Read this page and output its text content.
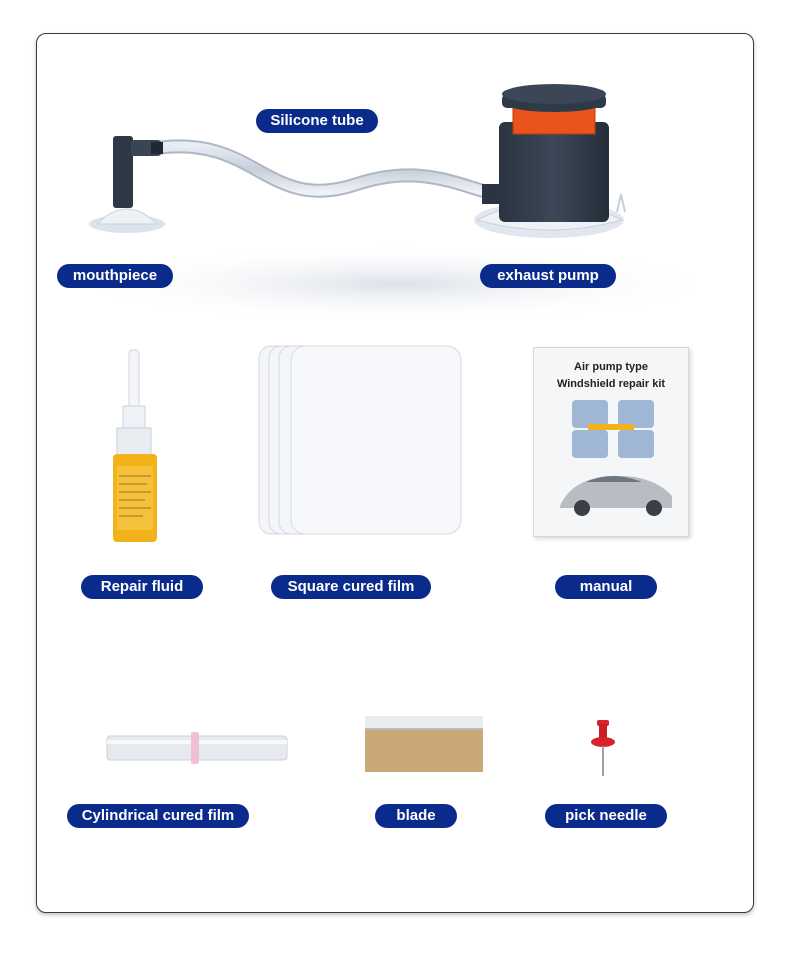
Silicone tube
mouthpiece	exhaust pump
Air pump type
Windshield repair kit
Repair fluid	Square cured film	manual
Cylindrical cured film	blade	pick needle
